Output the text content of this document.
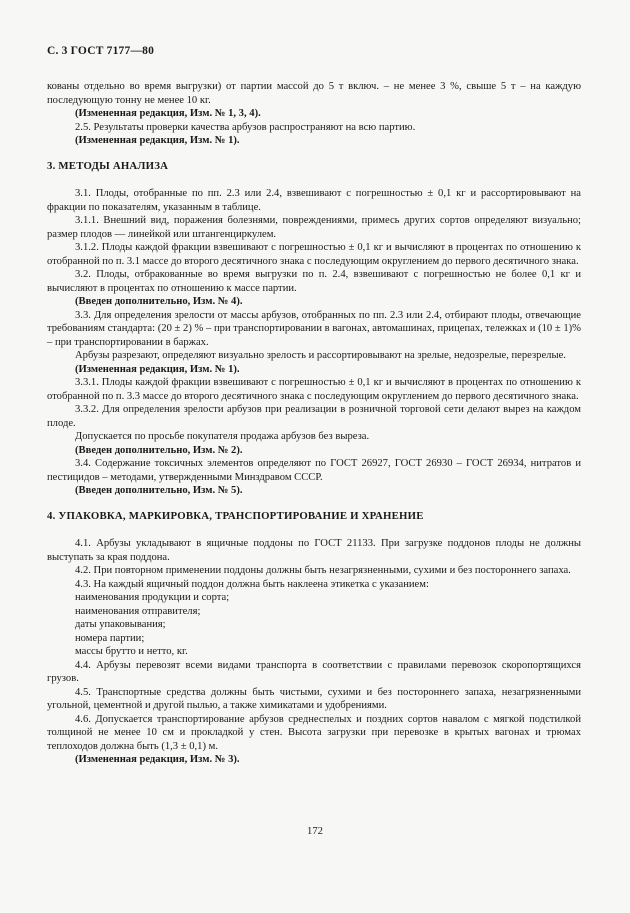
С. 3 ГОСТ 7177—80

кованы отдельно во время выгрузки) от партии массой до 5 т включ. – не менее 3 %, свыше 5 т – на каждую последующую тонну не менее 10 кг.

(Измененная редакция, Изм. № 1, 3, 4).

2.5. Результаты проверки качества арбузов распространяют на всю партию.

(Измененная редакция, Изм. № 1).

3. МЕТОДЫ АНАЛИЗА

3.1. Плоды, отобранные по пп. 2.3 или 2.4, взвешивают с погрешностью ± 0,1 кг и рассортировывают на фракции по показателям, указанным в таблице.

3.1.1. Внешний вид, поражения болезнями, повреждениями, примесь других сортов определяют визуально; размер плодов — линейкой или штангенциркулем.

3.1.2. Плоды каждой фракции взвешивают с погрешностью ± 0,1 кг и вычисляют в процентах по отношению к отобранной по п. 3.1 массе до второго десятичного знака с последующим округлением до первого десятичного знака.

3.2. Плоды, отбракованные во время выгрузки по п. 2.4, взвешивают с погрешностью не более 0,1 кг и вычисляют в процентах по отношению к массе партии.

(Введен дополнительно, Изм. № 4).

3.3. Для определения зрелости от массы арбузов, отобранных по пп. 2.3 или 2.4, отбирают плоды, отвечающие требованиям стандарта: (20 ± 2) % – при транспортировании в вагонах, автомашинах, прицепах, тележках и (10 ± 1)% – при транспортировании в баржах.

Арбузы разрезают, определяют визуально зрелость и рассортировывают на зрелые, недозрелые, перезрелые.

(Измененная редакция, Изм. № 1).

3.3.1. Плоды каждой фракции взвешивают с погрешностью ± 0,1 кг и вычисляют в процентах по отношению к отобранной по п. 3.3 массе до второго десятичного знака с последующим округлением до первого десятичного знака.

3.3.2. Для определения зрелости арбузов при реализации в розничной торговой сети делают вырез на каждом плоде.

Допускается по просьбе покупателя продажа арбузов без выреза.

(Введен дополнительно, Изм. № 2).

3.4. Содержание токсичных элементов определяют по ГОСТ 26927, ГОСТ 26930 – ГОСТ 26934, нитратов и пестицидов – методами, утвержденными Минздравом СССР.

(Введен дополнительно, Изм. № 5).

4. УПАКОВКА, МАРКИРОВКА, ТРАНСПОРТИРОВАНИЕ И ХРАНЕНИЕ

4.1. Арбузы укладывают в ящичные поддоны по ГОСТ 21133. При загрузке поддонов плоды не должны выступать за края поддона.

4.2. При повторном применении поддоны должны быть незагрязненными, сухими и без постороннего запаха.

4.3. На каждый ящичный поддон должна быть наклеена этикетка с указанием:

наименования продукции и сорта;

наименования отправителя;

даты упаковывания;

номера партии;

массы брутто и нетто, кг.

4.4. Арбузы перевозят всеми видами транспорта в соответствии с правилами перевозок скоропортящихся грузов.

4.5. Транспортные средства должны быть чистыми, сухими и без постороннего запаха, незагрязненными угольной, цементной и другой пылью, а также химикатами и удобрениями.

4.6. Допускается транспортирование арбузов среднеспелых и поздних сортов навалом с мягкой подстилкой толщиной не менее 10 см и прокладкой у стен. Высота загрузки при перевозке в крытых вагонах и трюмах теплоходов должна быть (1,3 ± 0,1) м.

(Измененная редакция, Изм. № 3).

172
